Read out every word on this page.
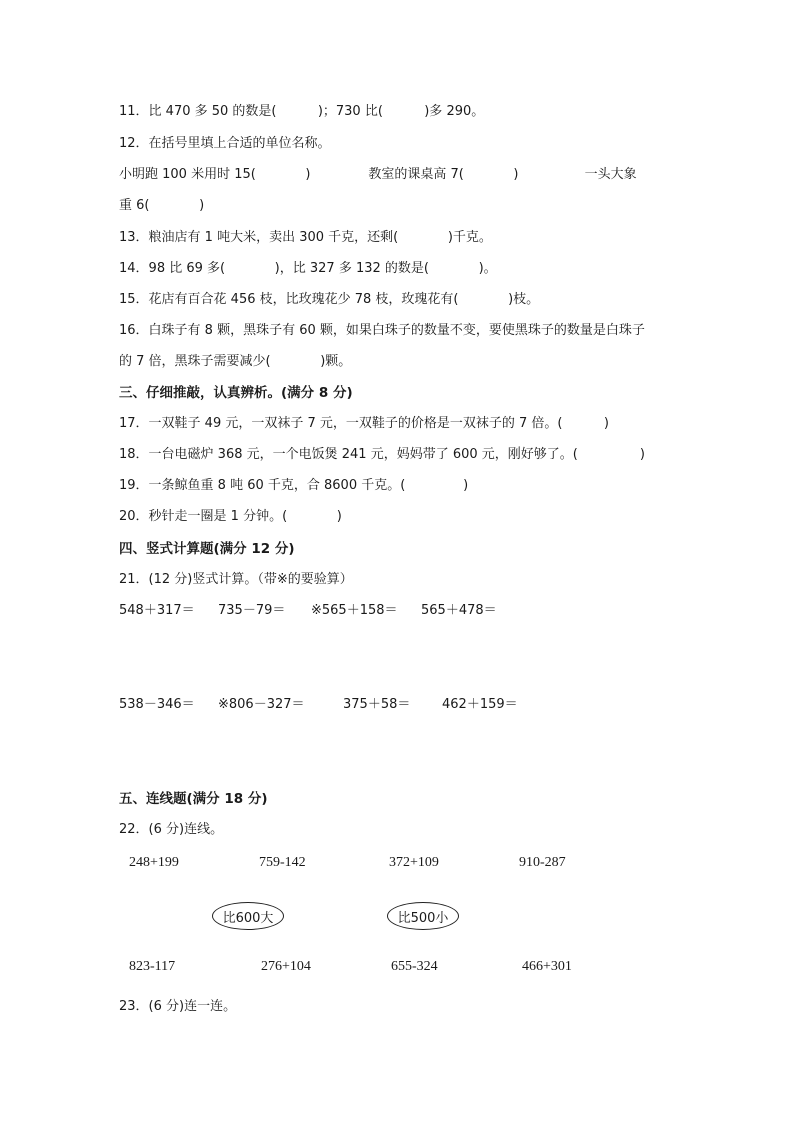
11．比 470 多 50 的数是(          )；730 比(          )多 290。
12．在括号里填上合适的单位名称。
小明跑 100 米用时 15(            )              教室的课桌高 7(            )                一头大象
重 6(            )
13．粮油店有 1 吨大米，卖出 300 千克，还剩(            )千克。
14．98 比 69 多(            )，比 327 多 132 的数是(            )。
15．花店有百合花 456 枝，比玫瑰花少 78 枝，玫瑰花有(            )枝。
16．白珠子有 8 颗，黑珠子有 60 颗，如果白珠子的数量不变，要使黑珠子的数量是白珠子
的 7 倍，黑珠子需要减少(            )颗。
三、仔细推敲，认真辨析。(满分 8 分)
17．一双鞋子 49 元，一双袜子 7 元，一双鞋子的价格是一双袜子的 7 倍。(          )
18．一台电磁炉 368 元，一个电饭煲 241 元，妈妈带了 600 元，刚好够了。(               )
19．一条鲸鱼重 8 吨 60 千克，合 8600 千克。(              )
20．秒针走一圈是 1 分钟。(            )
四、竖式计算题(满分 12 分)
21．(12 分)竖式计算。（带※的要验算）
548＋317＝ 735－79＝ ※565＋158＝ 565＋478＝
538－346＝ ※806－327＝	375＋58＝ 462＋159＝
五、连线题(满分 18 分)
22．(6 分)连线。
248+199	759-142	372+109	910-287
比600大	比500小
823-117	276+104	655-324	466+301
23．(6 分)连一连。
